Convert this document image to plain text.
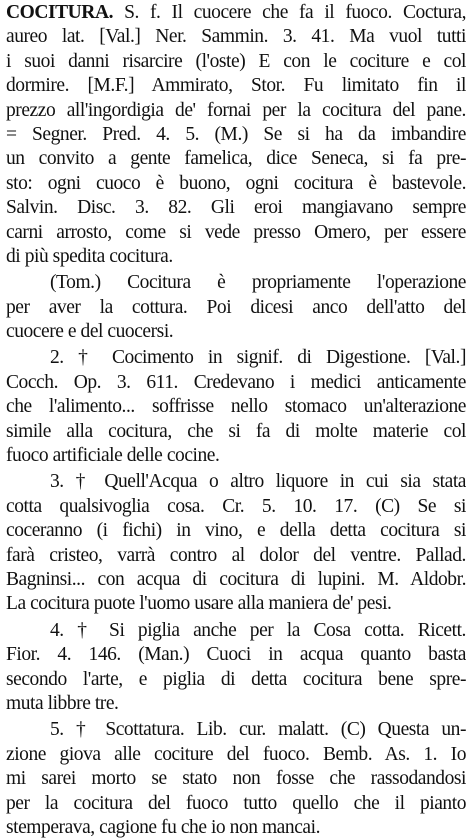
COCITURA. S. f. Il cuocere che fa il fuoco. Coctura,
aureo lat. [Val.] Ner. Sammin. 3. 41. Ma vuol tutti
i suoi danni risarcire (l'oste) E con le cociture e col
dormire. [M.F.] Ammirato, Stor. Fu limitato fin il
prezzo all'ingordigia de' fornai per la cocitura del pane.
= Segner. Pred. 4. 5. (M.) Se si ha da imbandire
un convito a gente famelica, dice Seneca, si fa pre-
sto: ogni cuoco è buono, ogni cocitura è bastevole.
Salvin. Disc. 3. 82. Gli eroi mangiavano sempre
carni arrosto, come si vede presso Omero, per essere
di più spedita cocitura.
(Tom.) Cocitura è propriamente l'operazione
per aver la cottura. Poi dicesi anco dell'atto del
cuocere e del cuocersi.
2. † Cocimento in signif. di Digestione. [Val.]
Cocch. Op. 3. 611. Credevano i medici anticamente
che l'alimento... soffrisse nello stomaco un'alterazione
simile alla cocitura, che si fa di molte materie col
fuoco artificiale delle cocine.
3. † Quell'Acqua o altro liquore in cui sia stata
cotta qualsivoglia cosa. Cr. 5. 10. 17. (C) Se si
coceranno (i fichi) in vino, e della detta cocitura si
farà cristeo, varrà contro al dolor del ventre. Pallad.
Bagninsi... con acqua di cocitura di lupini. M. Aldobr.
La cocitura puote l'uomo usare alla maniera de' pesi.
4. † Si piglia anche per la Cosa cotta. Ricett.
Fior. 4. 146. (Man.) Cuoci in acqua quanto basta
secondo l'arte, e piglia di detta cocitura bene spre-
muta libbre tre.
5. † Scottatura. Lib. cur. malatt. (C) Questa un-
zione giova alle cociture del fuoco. Bemb. As. 1. Io
mi sarei morto se stato non fosse che rassodandosi
per la cocitura del fuoco tutto quello che il pianto
stemperava, cagione fu che io non mancai.
